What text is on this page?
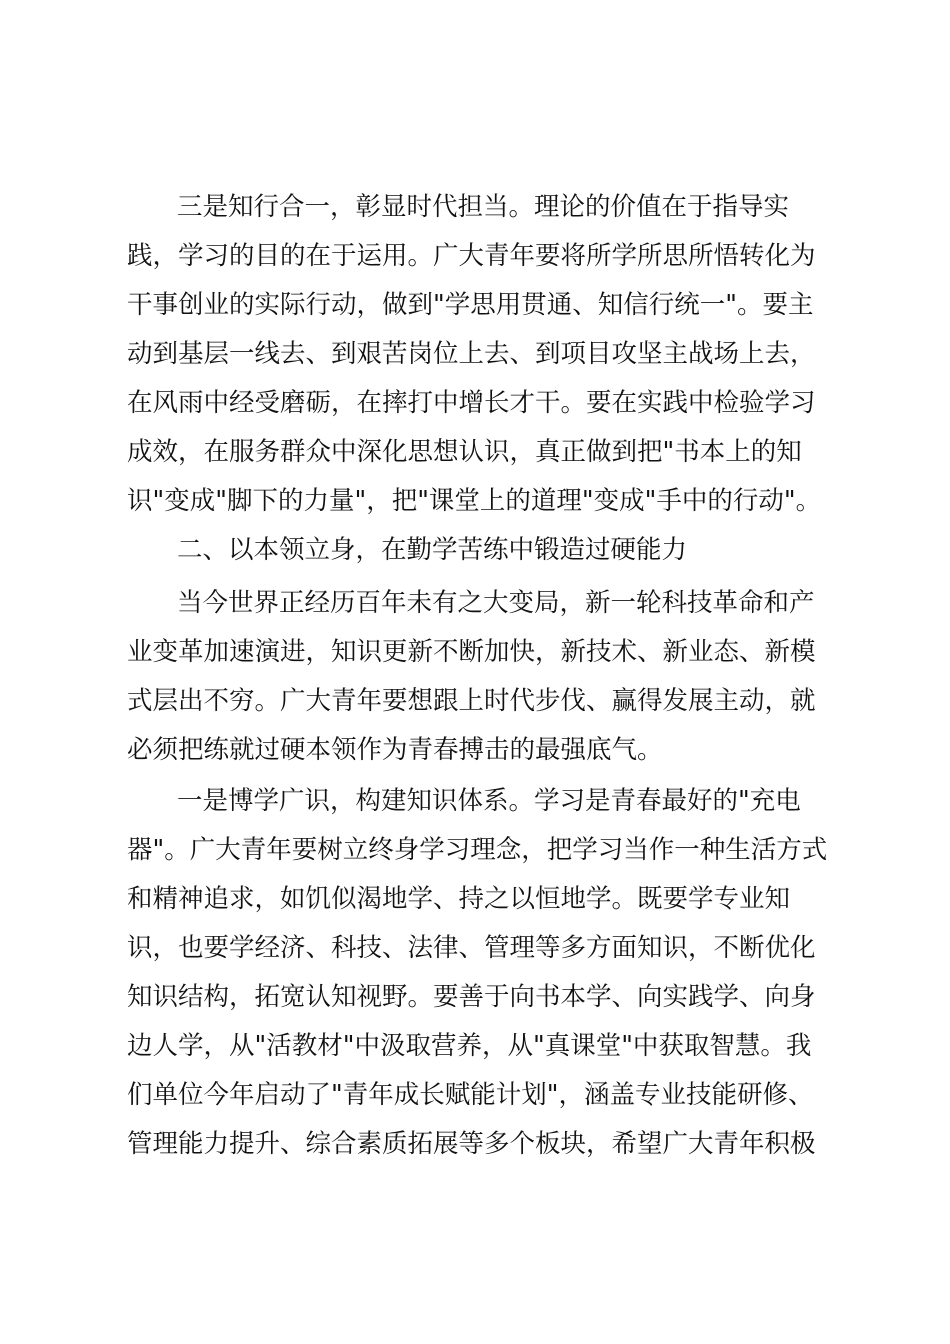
三是知行合一，彰显时代担当。理论的价值在于指导实
践，学习的目的在于运用。广大青年要将所学所思所悟转化为
干事创业的实际行动，做到"学思用贯通、知信行统一"。要主
动到基层一线去、到艰苦岗位上去、到项目攻坚主战场上去，
在风雨中经受磨砺，在摔打中增长才干。要在实践中检验学习
成效，在服务群众中深化思想认识，真正做到把"书本上的知
识"变成"脚下的力量"，把"课堂上的道理"变成"手中的行动"。
二、以本领立身，在勤学苦练中锻造过硬能力
当今世界正经历百年未有之大变局，新一轮科技革命和产
业变革加速演进，知识更新不断加快，新技术、新业态、新模
式层出不穷。广大青年要想跟上时代步伐、赢得发展主动，就
必须把练就过硬本领作为青春搏击的最强底气。
一是博学广识，构建知识体系。学习是青春最好的"充电
器"。广大青年要树立终身学习理念，把学习当作一种生活方式
和精神追求，如饥似渴地学、持之以恒地学。既要学专业知
识，也要学经济、科技、法律、管理等多方面知识，不断优化
知识结构，拓宽认知视野。要善于向书本学、向实践学、向身
边人学，从"活教材"中汲取营养，从"真课堂"中获取智慧。我
们单位今年启动了"青年成长赋能计划"，涵盖专业技能研修、
管理能力提升、综合素质拓展等多个板块，希望广大青年积极
